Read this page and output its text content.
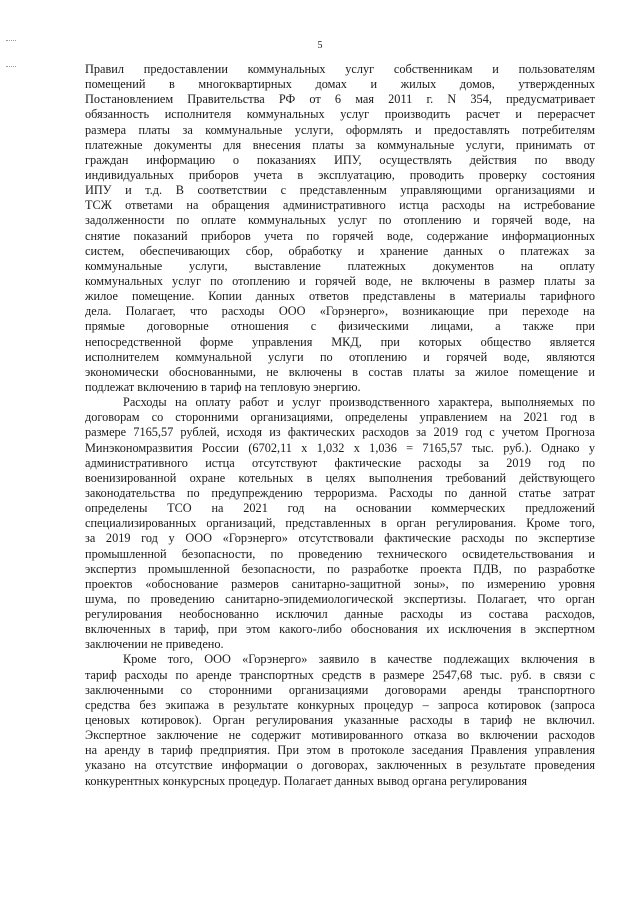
5
Правил предоставлении коммунальных услуг собственникам и пользователям
помещений в многоквартирных домах и жилых домов, утвержденных
Постановлением Правительства РФ от 6 мая 2011 г. N 354, предусматривает
обязанность исполнителя коммунальных услуг производить расчет и перерасчет
размера платы за коммунальные услуги, оформлять и предоставлять потребителям
платежные документы для внесения платы за коммунальные услуги, принимать от
граждан информацию о показаниях ИПУ, осуществлять действия по вводу
индивидуальных приборов учета в эксплуатацию, проводить проверку состояния
ИПУ и т.д. В соответствии с представленным управляющими организациями и
ТСЖ ответами на обращения административного истца расходы на истребование
задолженности по оплате коммунальных услуг по отоплению и горячей воде, на
снятие показаний приборов учета по горячей воде, содержание информационных
систем, обеспечивающих сбор, обработку и хранение данных о платежах за
коммунальные услуги, выставление платежных документов на оплату
коммунальных услуг по отоплению и горячей воде, не включены в размер платы за
жилое помещение. Копии данных ответов представлены в материалы тарифного
дела. Полагает, что расходы ООО «Горэнерго», возникающие при переходе на
прямые договорные отношения с физическими лицами, а также при
непосредственной форме управления МКД, при которых общество является
исполнителем коммунальной услуги по отоплению и горячей воде, являются
экономически обоснованными, не включены в состав платы за жилое помещение и
подлежат включению в тариф на тепловую энергию.
Расходы на оплату работ и услуг производственного характера, выполняемых по
договорам со сторонними организациями, определены управлением на 2021 год в
размере 7165,57 рублей, исходя из фактических расходов за 2019 год с учетом Прогноза
Минэкономразвития России (6702,11 х 1,032 х 1,036 = 7165,57 тыс. руб.). Однако у
административного истца отсутствуют фактические расходы за 2019 год по
военизированной охране котельных в целях выполнения требований действующего
законодательства по предупреждению терроризма. Расходы по данной статье затрат
определены ТСО на 2021 год на основании коммерческих предложений
специализированных организаций, представленных в орган регулирования. Кроме того,
за 2019 год у ООО «Горэнерго» отсутствовали фактические расходы по экспертизе
промышленной безопасности, по проведению технического освидетельствования и
экспертиз промышленной безопасности, по разработке проекта ПДВ, по разработке
проектов «обоснование размеров санитарно-защитной зоны», по измерению уровня
шума, по проведению санитарно-эпидемиологической экспертизы. Полагает, что орган
регулирования необоснованно исключил данные расходы из состава расходов,
включенных в тариф, при этом какого-либо обоснования их исключения в экспертном
заключении не приведено.
Кроме того, ООО «Горэнерго» заявило в качестве подлежащих включения в
тариф расходы по аренде транспортных средств в размере 2547,68 тыс. руб. в связи с
заключенными со сторонними организациями договорами аренды транспортного
средства без экипажа в результате конкурных процедур – запроса котировок (запроса
ценовых котировок). Орган регулирования указанные расходы в тариф не включил.
Экспертное заключение не содержит мотивированного отказа во включении расходов
на аренду в тариф предприятия. При этом в протоколе заседания Правления управления
указано на отсутствие информации о договорах, заключенных в результате проведения
конкурентных конкурсных процедур. Полагает данных вывод органа регулирования
